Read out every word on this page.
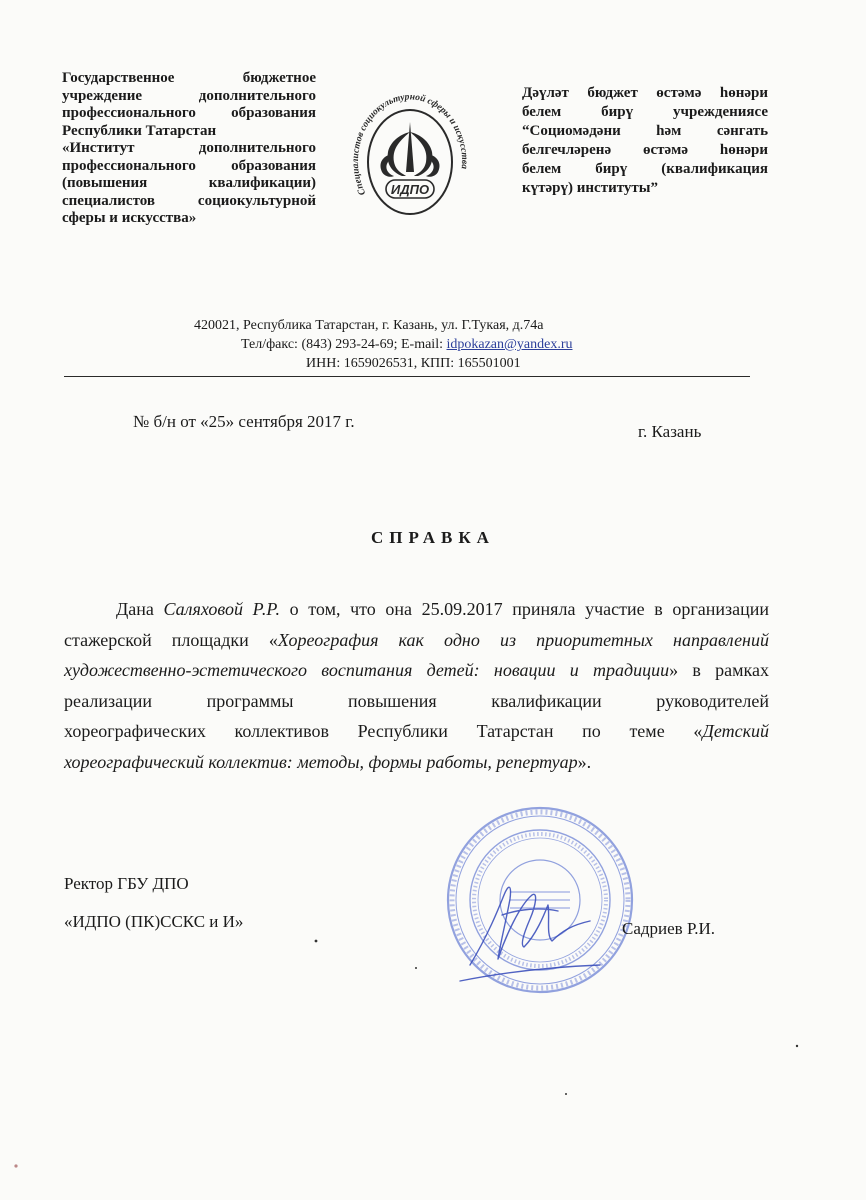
Государственное бюджетное
учреждение дополнительного
профессионального образования
Республики Татарстан
«Институт дополнительного
профессионального образования
(повышения квалификации)
специалистов социокультурной
сферы и искусства»
Специалистов социокультурной сферы и искусства
ИДПО
Дәүләт бюджет өстәмә һөнәри
белем бирү учреждениясе
“Социомәдәни һәм сәнгать
белгечләренә өстәмә һөнәри
белем бирү (квалификация
күтәрү) институты”
420021, Республика Татарстан, г. Казань, ул. Г.Тукая, д.74а
Тел/факс: (843) 293-24-69; E-mail: idpokazan@yandex.ru
ИНН: 1659026531, КПП: 165501001
№ б/н от «25» сентября 2017 г.
г. Казань
СПРАВКА
Дана Саляховой Р.Р. о том, что она 25.09.2017 приняла участие в организации
стажерской площадки «Хореография как одно из приоритетных направлений
художественно-эстетического воспитания детей: новации и традиции» в рамках
реализации программы повышения квалификации руководителей
хореографических коллективов Республики Татарстан по теме «Детский
хореографический коллектив: методы, формы работы, репертуар».
Ректор ГБУ ДПО
«ИДПО (ПК)ССКС и И»	Садриев Р.И.
